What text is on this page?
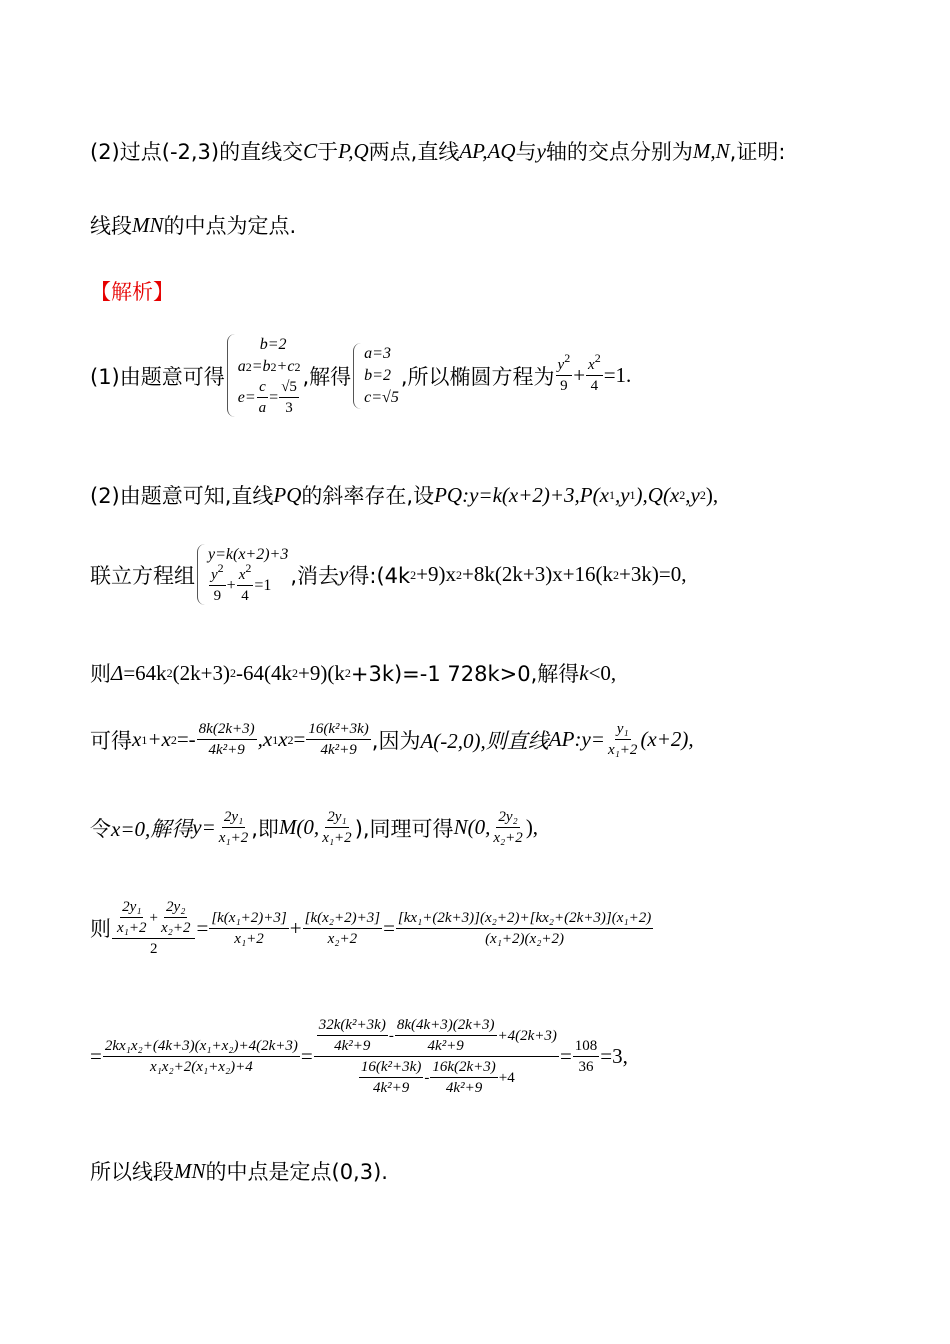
(2)过点(-2,3)的直线交 C 于 P,Q 两点,直线 AP,AQ 与 y 轴的交点分别为 M,N ,证明:
线段 MN 的中点为定点.
【解析】
(1)由题意可得
b=2
a 2 =b 2 +c 2
$e= \frac{c}{a} = \frac{√5}{3}$
,解得
a=3
b=2
c=√5
,所以椭圆方程为 $\frac{y^2}{9} + \frac{x^2}{4} =1$.
(2)由题意可知,直线 PQ 的斜率存在,设 PQ:y=k(x+2)+3,P(x 1 ,y 1 ),Q(x 2 ,y 2 ),
联立方程组
y=k(x+2)+3
$\frac{y^2}{9} + \frac{x^2}{4} =1$ ,消去 y 得:(4k 2 +9)x 2 +8k(2k+3)x+16(k 2 +3k)=0,
则 Δ =64k 2 (2k+3) 2 -64(4k 2 +9)(k 2 +3k)=-1 728k>0,解得 k <0,
可得 x 1 +x $2 =- \frac{8k(2k+3)}{\text{4k²+9}} ,x$ 1 x $2 = \frac{\text{16(k²+3k)}}{\text{4k²+9}}$ ,因为 A(-2,0),则直线 AP:y= $\frac{\text{y₁}}{\text{x₁+2}} (x+2)$,
令 x=0,解得 $y= \frac{\text{2y₁}}{\text{x₁+2}}$ ,即 M(0, $\frac{\text{2y₁}}{\text{x₁+2}}$ ),同理可得 N(0, $\frac{\text{2y₂}}{\text{x₂+2}}$ ),
则 $\frac{\frac{\text{2y₁}}{\text{x₁+2}} + \frac{\text{2y₂}}{\text{x₂+2}}}{2} = \frac{\text{[k(x₁+2)+3]}}{\text{x₁+2}} + \frac{\text{[k(x₂+2)+3]}}{\text{x₂+2}} = \frac{\text{[kx₁+(2k+3)](x₂+2)+[kx₂+(2k+3)](x₁+2)}}{\text{(x₁+2)(x₂+2)}}$
= $\frac{\text{2kx₁x₂+(4k+3)(x₁+x₂)+4(2k+3)}}{\text{x₁x₂+2(x₁+x₂)+4}}$ =
$\frac{\text{32k(k²+3k)}}{\text{4k²+9}} - \frac{8k(4k+3)(2k+3)}{\text{4k²+9}} +4(2k+3)$
$\frac{\text{16(k²+3k)}}{\text{4k²+9}} - \frac{16k(2k+3)}{\text{4k²+9}} +4$
= $\frac{108}{36} =3$,
所以线段 MN 的中点是定点(0,3).
